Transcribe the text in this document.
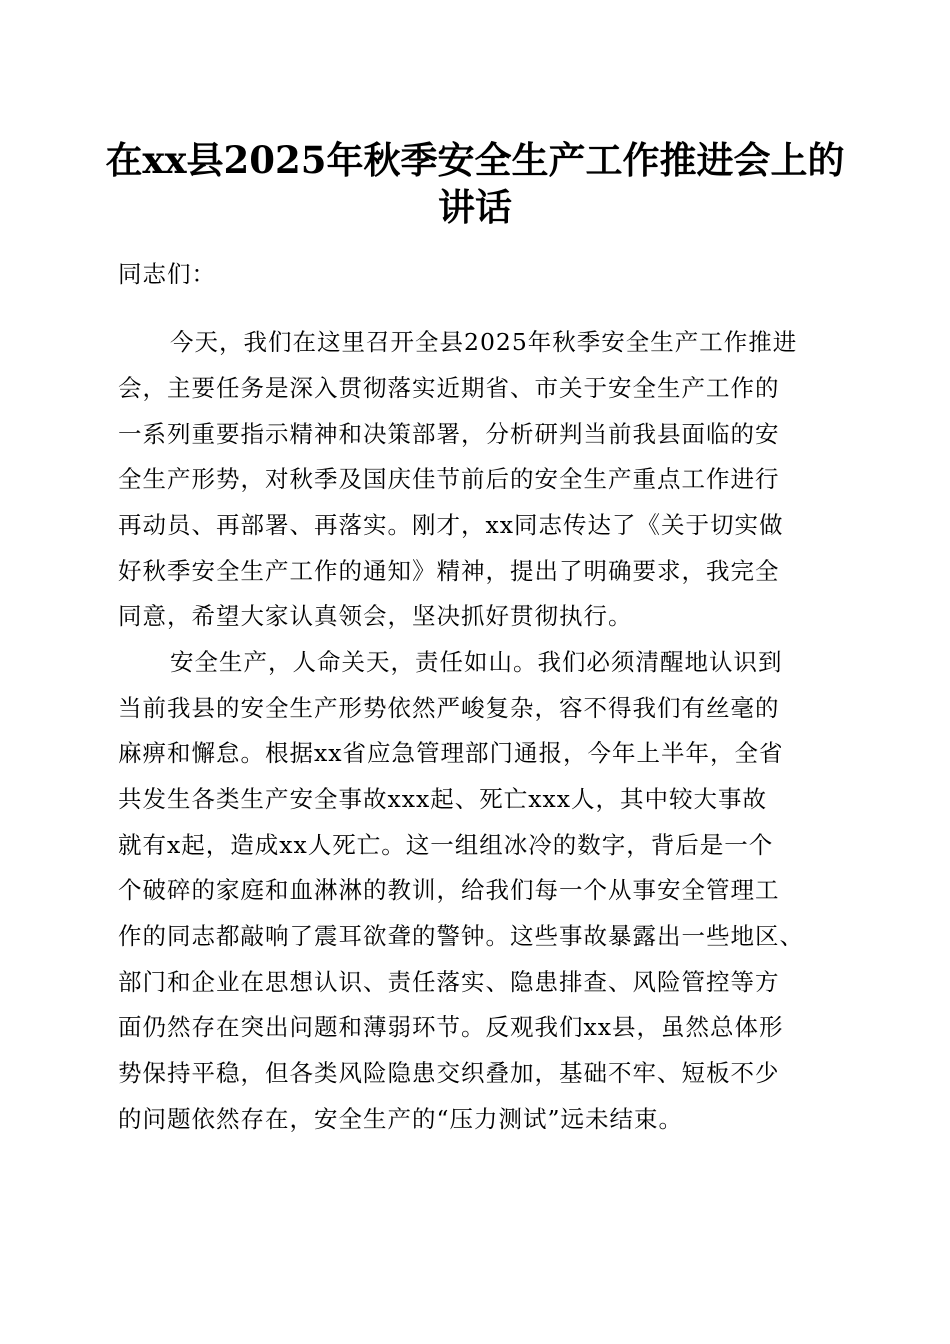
在xx县2025年秋季安全生产工作推进会上的
讲话

同志们：

今天，我们在这里召开全县2025年秋季安全生产工作推进

会，主要任务是深入贯彻落实近期省、市关于安全生产工作的

一系列重要指示精神和决策部署，分析研判当前我县面临的安

全生产形势，对秋季及国庆佳节前后的安全生产重点工作进行

再动员、再部署、再落实。刚才，xx同志传达了《关于切实做

好秋季安全生产工作的通知》精神，提出了明确要求，我完全

同意，希望大家认真领会，坚决抓好贯彻执行。

安全生产，人命关天，责任如山。我们必须清醒地认识到

当前我县的安全生产形势依然严峻复杂，容不得我们有丝毫的

麻痹和懈怠。根据xx省应急管理部门通报，今年上半年，全省

共发生各类生产安全事故xxx起、死亡xxx人，其中较大事故

就有x起，造成xx人死亡。这一组组冰冷的数字，背后是一个

个破碎的家庭和血淋淋的教训，给我们每一个从事安全管理工

作的同志都敲响了震耳欲聋的警钟。这些事故暴露出一些地区、

部门和企业在思想认识、责任落实、隐患排查、风险管控等方

面仍然存在突出问题和薄弱环节。反观我们xx县，虽然总体形

势保持平稳，但各类风险隐患交织叠加，基础不牢、短板不少

的问题依然存在，安全生产的“压力测试”远未结束。
